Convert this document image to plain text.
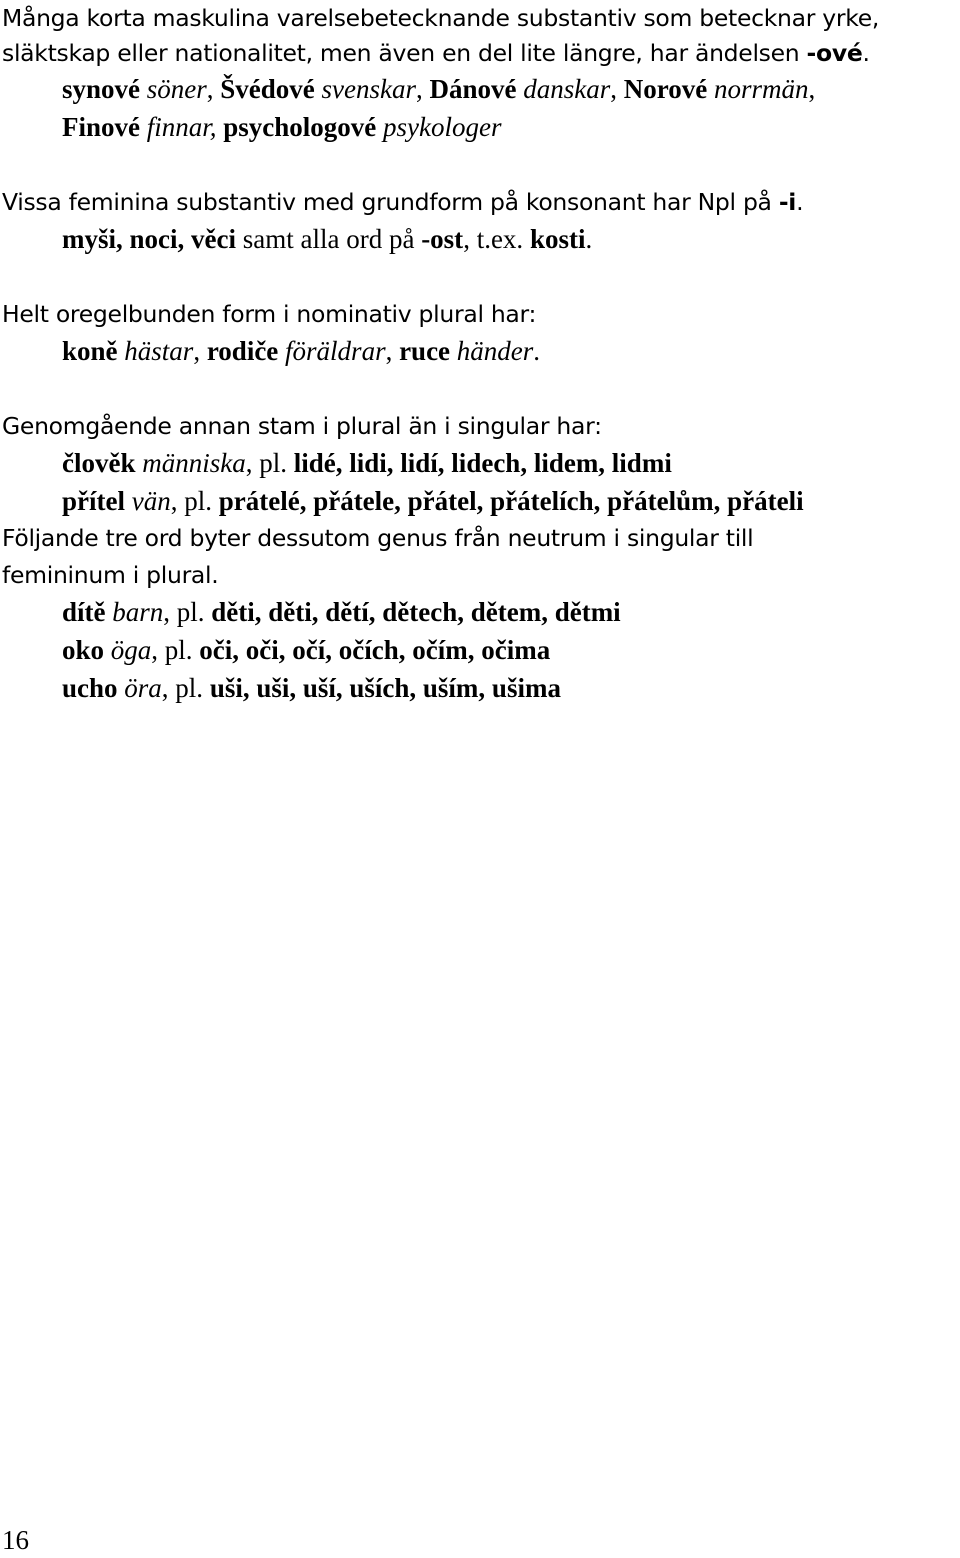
Många korta maskulina varelsebetecknande substantiv som betecknar yrke,
släktskap eller nationalitet, men även en del lite längre, har ändelsen -ové.
synové söner, Švédové svenskar, Dánové danskar, Norové norrmän,
Finové finnar, psychologové psykologer
Vissa feminina substantiv med grundform på konsonant har Npl på -i.
myši, noci, věci samt alla ord på -ost, t.ex. kosti.
Helt oregelbunden form i nominativ plural har:
koně hästar, rodiče föräldrar, ruce händer.
Genomgående annan stam i plural än i singular har:
člověk människa, pl. lidé, lidi, lidí, lidech, lidem, lidmi
přítel vän, pl. prátelé, přátele, přátel, přátelích, přátelům, přáteli
Följande tre ord byter dessutom genus från neutrum i singular till
femininum i plural.
dítě barn, pl. děti, děti, dětí, dětech, dětem, dětmi
oko öga, pl. oči, oči, očí, očích, očím, očima
ucho öra, pl. uši, uši, uší, uších, uším, ušima
16
